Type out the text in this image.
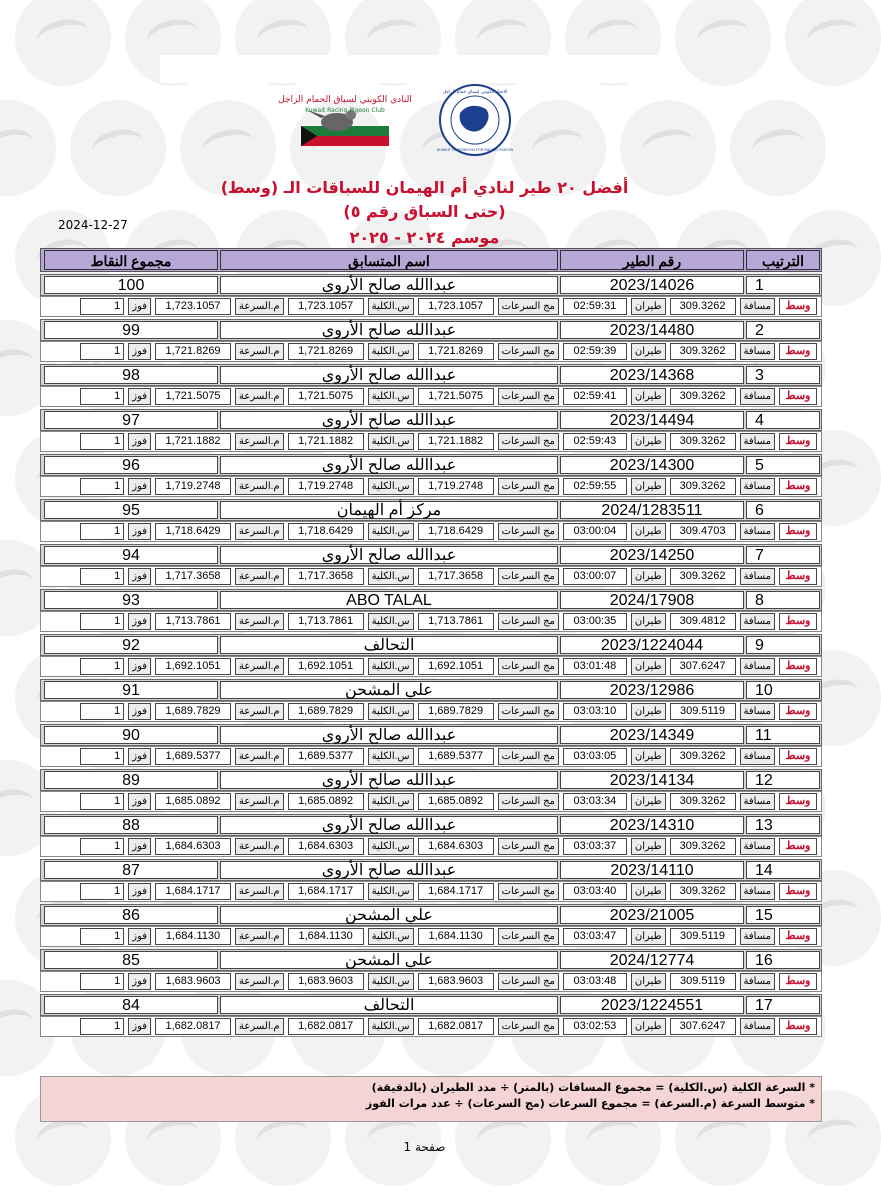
النادي الكويتي لسباق الحمام الزاجل
Kuwait Racing Pigeon Club
الاتحاد الكويتي لسباق حمام الزاجل
KUWAIT FEDERATION FOR RACING PIGEON
أفضل ٢٠ طير لنادي أم الهيمان للسباقات الـ (وسط)
(حتى السباق رقم ٥)
موسم ٢٠٢٤ - ٢٠٢٥
2024-12-27
الترتيب
رقم الطير
اسم المتسابق
مجموع النقاط
1
2023/14026
عبداالله صالح الأروي
100
وسط
مسافة
309.3262
طيران
02:59:31
مج السرعات
1,723.1057
س.الكلية
1,723.1057
م.السرعة
1,723.1057
فوز
1
2
2023/14480
عبداالله صالح الأروي
99
وسط
مسافة
309.3262
طيران
02:59:39
مج السرعات
1,721.8269
س.الكلية
1,721.8269
م.السرعة
1,721.8269
فوز
1
3
2023/14368
عبداالله صالح الأروي
98
وسط
مسافة
309.3262
طيران
02:59:41
مج السرعات
1,721.5075
س.الكلية
1,721.5075
م.السرعة
1,721.5075
فوز
1
4
2023/14494
عبداالله صالح الأروي
97
وسط
مسافة
309.3262
طيران
02:59:43
مج السرعات
1,721.1882
س.الكلية
1,721.1882
م.السرعة
1,721.1882
فوز
1
5
2023/14300
عبداالله صالح الأروي
96
وسط
مسافة
309.3262
طيران
02:59:55
مج السرعات
1,719.2748
س.الكلية
1,719.2748
م.السرعة
1,719.2748
فوز
1
6
2024/1283511
مركز أم الهيمان
95
وسط
مسافة
309.4703
طيران
03:00:04
مج السرعات
1,718.6429
س.الكلية
1,718.6429
م.السرعة
1,718.6429
فوز
1
7
2023/14250
عبداالله صالح الأروي
94
وسط
مسافة
309.3262
طيران
03:00:07
مج السرعات
1,717.3658
س.الكلية
1,717.3658
م.السرعة
1,717.3658
فوز
1
8
2024/17908
ABO TALAL
93
وسط
مسافة
309.4812
طيران
03:00:35
مج السرعات
1,713.7861
س.الكلية
1,713.7861
م.السرعة
1,713.7861
فوز
1
9
2023/1224044
التحالف
92
وسط
مسافة
307.6247
طيران
03:01:48
مج السرعات
1,692.1051
س.الكلية
1,692.1051
م.السرعة
1,692.1051
فوز
1
10
2023/12986
علي المشحن
91
وسط
مسافة
309.5119
طيران
03:03:10
مج السرعات
1,689.7829
س.الكلية
1,689.7829
م.السرعة
1,689.7829
فوز
1
11
2023/14349
عبداالله صالح الأروي
90
وسط
مسافة
309.3262
طيران
03:03:05
مج السرعات
1,689.5377
س.الكلية
1,689.5377
م.السرعة
1,689.5377
فوز
1
12
2023/14134
عبداالله صالح الأروي
89
وسط
مسافة
309.3262
طيران
03:03:34
مج السرعات
1,685.0892
س.الكلية
1,685.0892
م.السرعة
1,685.0892
فوز
1
13
2023/14310
عبداالله صالح الأروي
88
وسط
مسافة
309.3262
طيران
03:03:37
مج السرعات
1,684.6303
س.الكلية
1,684.6303
م.السرعة
1,684.6303
فوز
1
14
2023/14110
عبداالله صالح الأروي
87
وسط
مسافة
309.3262
طيران
03:03:40
مج السرعات
1,684.1717
س.الكلية
1,684.1717
م.السرعة
1,684.1717
فوز
1
15
2023/21005
علي المشحن
86
وسط
مسافة
309.5119
طيران
03:03:47
مج السرعات
1,684.1130
س.الكلية
1,684.1130
م.السرعة
1,684.1130
فوز
1
16
2024/12774
علي المشحن
85
وسط
مسافة
309.5119
طيران
03:03:48
مج السرعات
1,683.9603
س.الكلية
1,683.9603
م.السرعة
1,683.9603
فوز
1
17
2023/1224551
التحالف
84
وسط
مسافة
307.6247
طيران
03:02:53
مج السرعات
1,682.0817
س.الكلية
1,682.0817
م.السرعة
1,682.0817
فوز
1
* السرعة الكلية (س.الكلية) = مجموع المسافات (بالمتر) ÷ مدد الطيران (بالدقيقة)
* متوسط السرعة (م.السرعة) = مجموع السرعات (مج السرعات) ÷ عدد مرات الفوز
صفحة 1
